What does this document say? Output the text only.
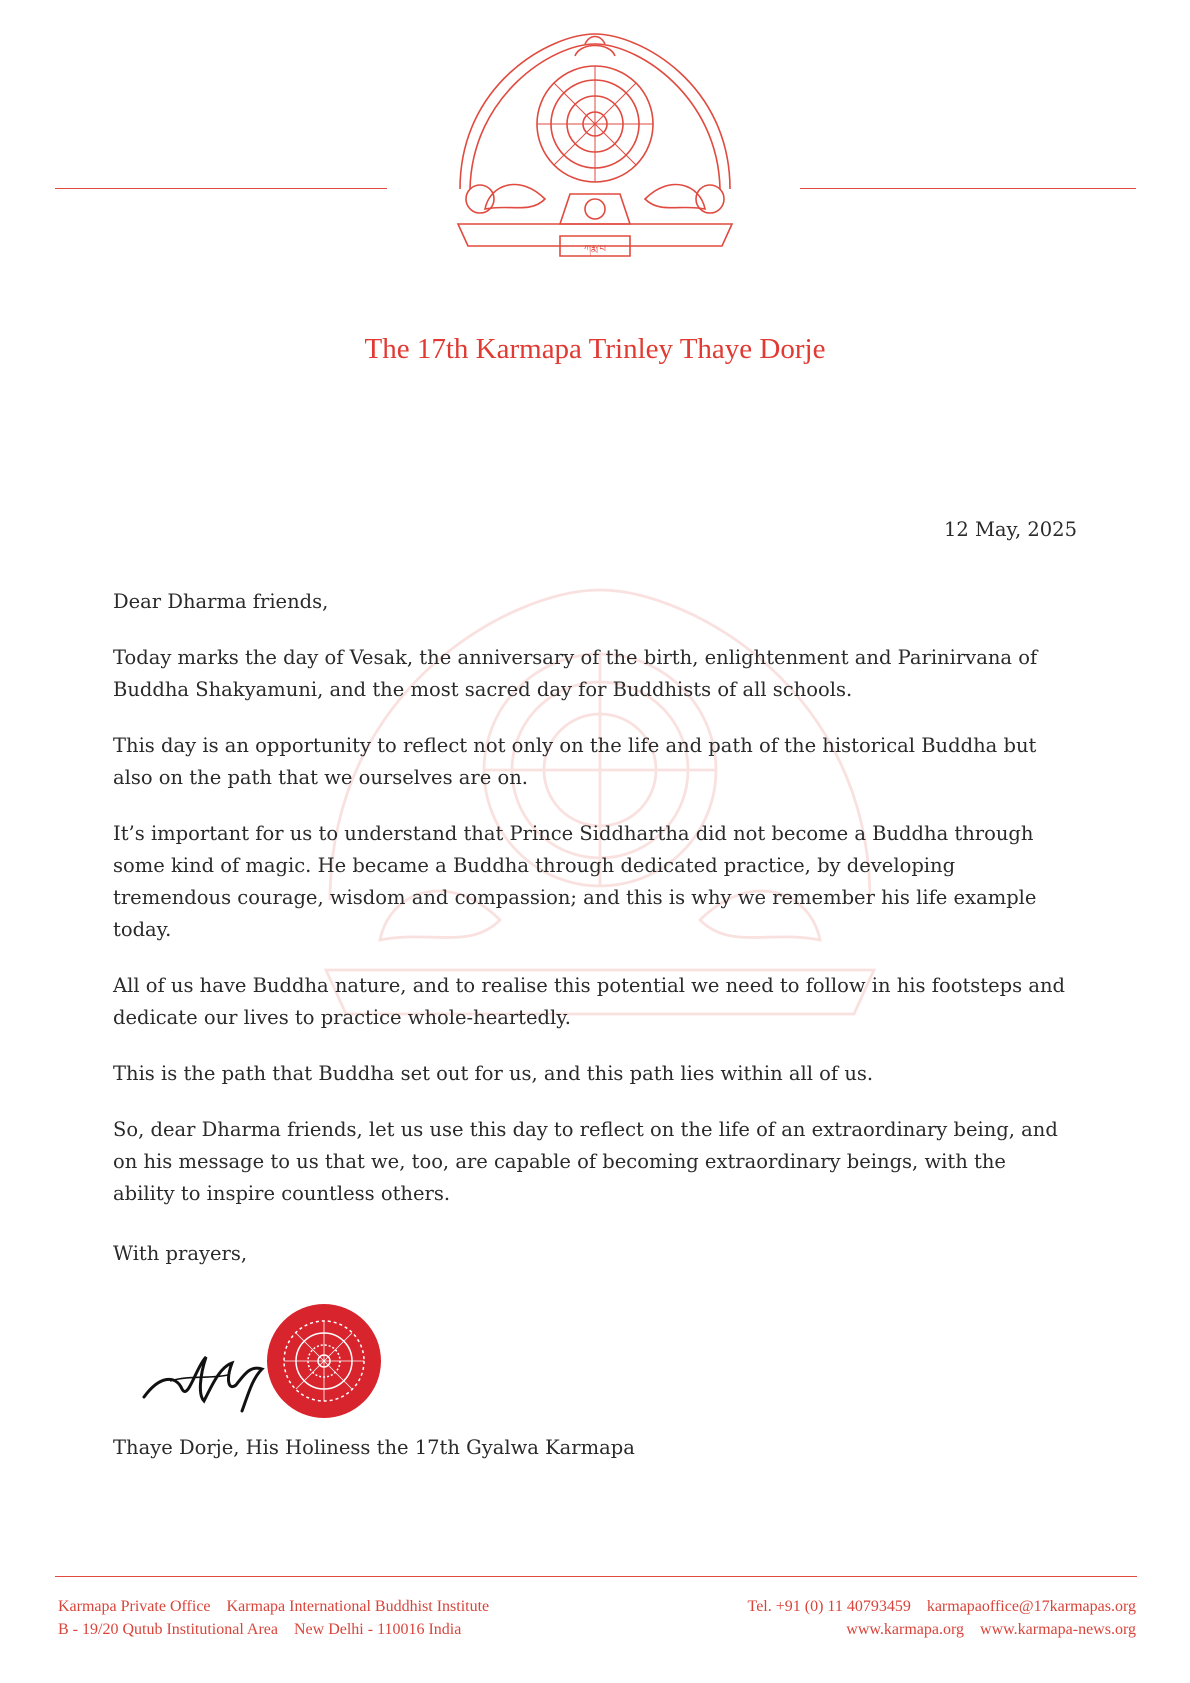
ཀརྨ་པ
The 17th Karmapa Trinley Thaye Dorje
12 May, 2025

Dear Dharma friends,

Today marks the day of Vesak, the anniversary of the birth, enlightenment and Parinirvana of Buddha Shakyamuni, and the most sacred day for Buddhists of all schools.

This day is an opportunity to reflect not only on the life and path of the historical Buddha but also on the path that we ourselves are on.

It’s important for us to understand that Prince Siddhartha did not become a Buddha through some kind of magic. He became a Buddha through dedicated practice, by developing tremendous courage, wisdom and compassion; and this is why we remember his life example today.

All of us have Buddha nature, and to realise this potential we need to follow in his footsteps and dedicate our lives to practice whole-heartedly.

This is the path that Buddha set out for us, and this path lies within all of us.

So, dear Dharma friends, let us use this day to reflect on the life of an extraordinary being, and on his message to us that we, too, are capable of becoming extraordinary beings, with the ability to inspire countless others.

With prayers,

Thaye Dorje, His Holiness the 17th Gyalwa Karmapa
Karmapa Private Office    Karmapa International Buddhist Institute
B - 19/20 Qutub Institutional Area    New Delhi - 110016 India
Tel. +91 (0) 11 40793459    karmapaoffice@17karmapas.org
www.karmapa.org    www.karmapa-news.org
